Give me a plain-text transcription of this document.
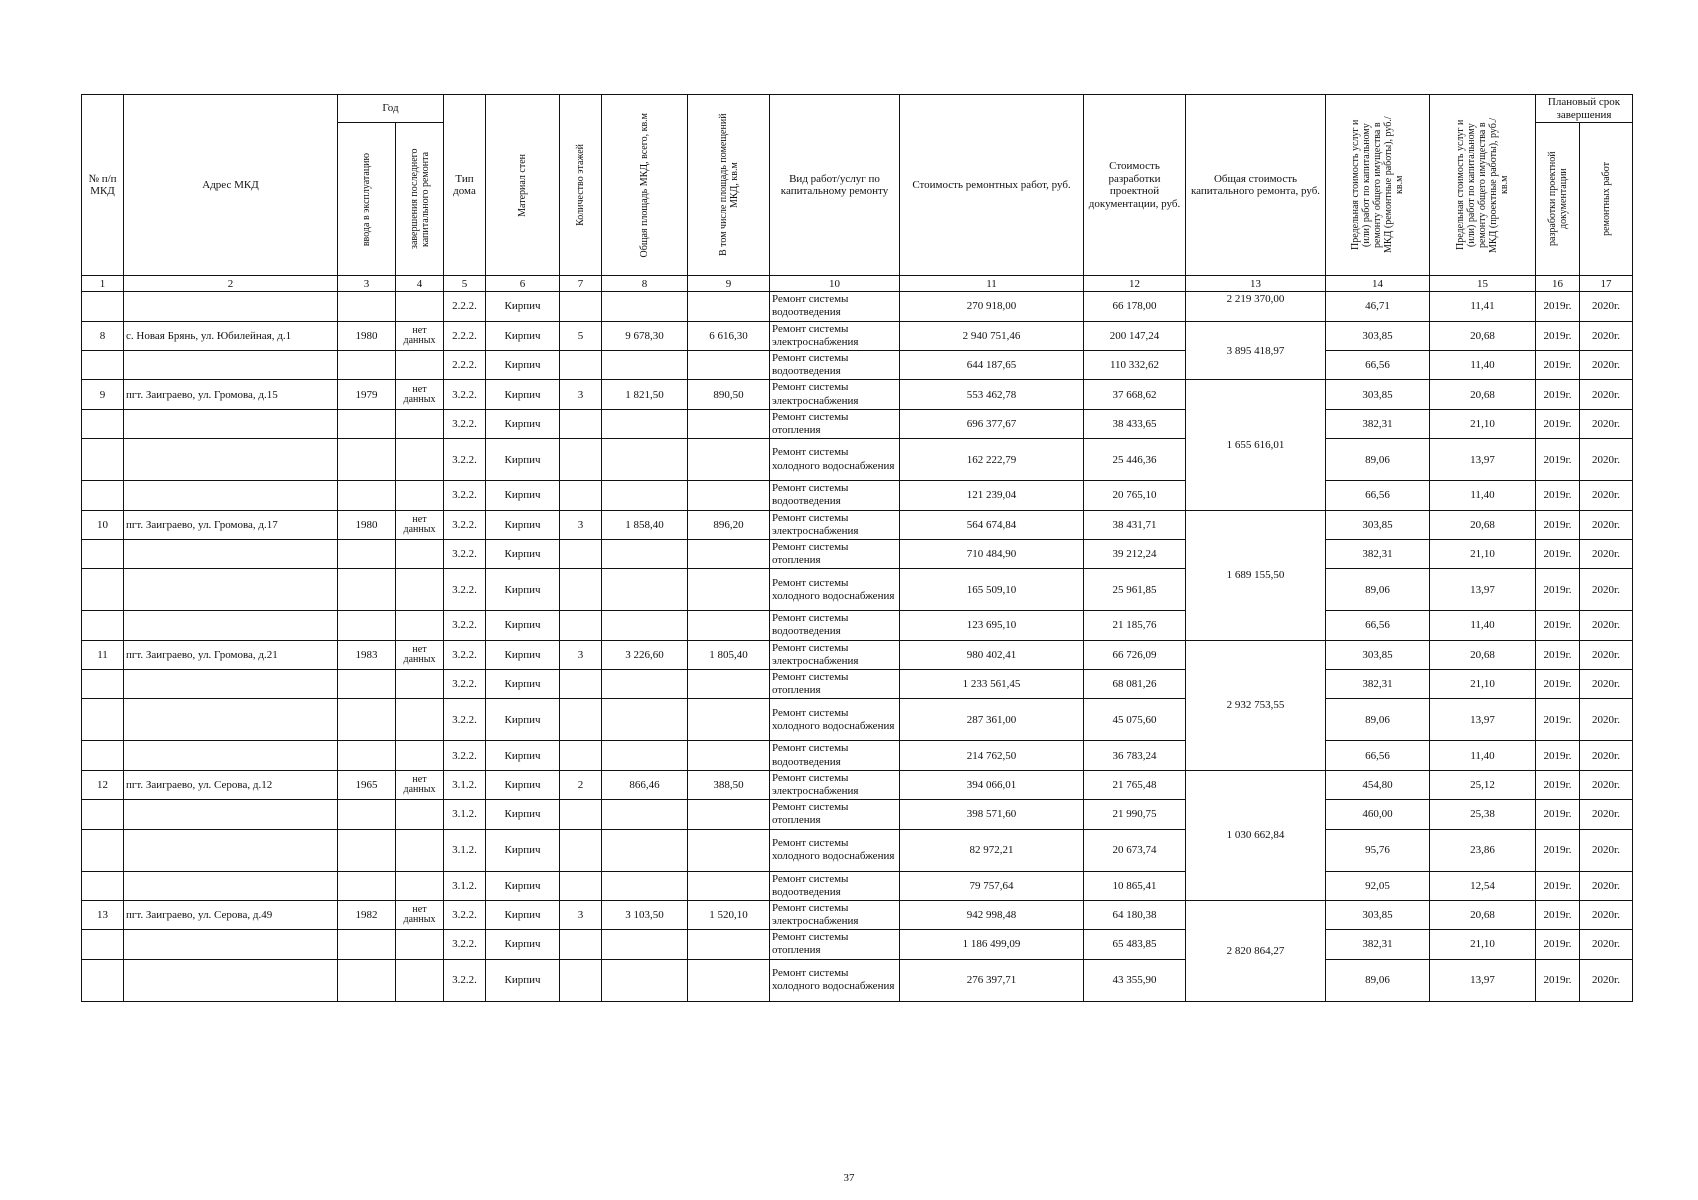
№ п/п МКД	Адрес МКД	Год		Тип дома	Материал стен	Количество этажей	Общая площадь МКД, всего, кв.м	В том числе площадь помещений МКД, кв.м	Вид работ/услуг по капитальному ремонту	Стоимость ремонтных работ, руб.	Стоимость разработки проектной документации, руб.	Общая стоимость капитального ремонта, руб.	Предельная стоимость услуг и (или) работ по капитальному ремонту общего имущества в МКД (ремонтные работы), руб./кв.м	Предельная стоимость услуг и (или) работ по капитальному ремонту общего имущества в МКД (проектные работы), руб./кв.м	Плановый срок завершения	

		ввода в эксплуатацию	завершения последнего капитального ремонта												разработки проектной документации	ремонтных работ

1	2	3	4	5	6	7	8	9	10	11	12	13	14	15	16	17
				2.2.2.	Кирпич				Ремонт системы водоотведения	270 918,00	66 178,00	2 219 370,00	46,71	11,41	2019г.	2020г.
8	с. Новая Брянь, ул. Юбилейная, д.1	1980	нет данных	2.2.2.	Кирпич	5	9 678,30	6 616,30	Ремонт системы электроснабжения	2 940 751,46	200 147,24	3 895 418,97	303,85	20,68	2019г.	2020г.
				2.2.2.	Кирпич				Ремонт системы водоотведения	644 187,65	110 332,62		66,56	11,40	2019г.	2020г.
9	пгт. Заиграево, ул. Громова, д.15	1979	нет данных	3.2.2.	Кирпич	3	1 821,50	890,50	Ремонт системы электроснабжения	553 462,78	37 668,62	1 655 616,01	303,85	20,68	2019г.	2020г.
				3.2.2.	Кирпич				Ремонт системы отопления	696 377,67	38 433,65		382,31	21,10	2019г.	2020г.
				3.2.2.	Кирпич				Ремонт системы холодного водоснабжения	162 222,79	25 446,36		89,06	13,97	2019г.	2020г.
				3.2.2.	Кирпич				Ремонт системы водоотведения	121 239,04	20 765,10		66,56	11,40	2019г.	2020г.
10	пгт. Заиграево, ул. Громова, д.17	1980	нет данных	3.2.2.	Кирпич	3	1 858,40	896,20	Ремонт системы электроснабжения	564 674,84	38 431,71	1 689 155,50	303,85	20,68	2019г.	2020г.
				3.2.2.	Кирпич				Ремонт системы отопления	710 484,90	39 212,24		382,31	21,10	2019г.	2020г.
				3.2.2.	Кирпич				Ремонт системы холодного водоснабжения	165 509,10	25 961,85		89,06	13,97	2019г.	2020г.
				3.2.2.	Кирпич				Ремонт системы водоотведения	123 695,10	21 185,76		66,56	11,40	2019г.	2020г.
11	пгт. Заиграево, ул. Громова, д.21	1983	нет данных	3.2.2.	Кирпич	3	3 226,60	1 805,40	Ремонт системы электроснабжения	980 402,41	66 726,09	2 932 753,55	303,85	20,68	2019г.	2020г.
				3.2.2.	Кирпич				Ремонт системы отопления	1 233 561,45	68 081,26		382,31	21,10	2019г.	2020г.
				3.2.2.	Кирпич				Ремонт системы холодного водоснабжения	287 361,00	45 075,60		89,06	13,97	2019г.	2020г.
				3.2.2.	Кирпич				Ремонт системы водоотведения	214 762,50	36 783,24		66,56	11,40	2019г.	2020г.
12	пгт. Заиграево, ул. Серова, д.12	1965	нет данных	3.1.2.	Кирпич	2	866,46	388,50	Ремонт системы электроснабжения	394 066,01	21 765,48	1 030 662,84	454,80	25,12	2019г.	2020г.
				3.1.2.	Кирпич				Ремонт системы отопления	398 571,60	21 990,75		460,00	25,38	2019г.	2020г.
				3.1.2.	Кирпич				Ремонт системы холодного водоснабжения	82 972,21	20 673,74		95,76	23,86	2019г.	2020г.
				3.1.2.	Кирпич				Ремонт системы водоотведения	79 757,64	10 865,41		92,05	12,54	2019г.	2020г.
13	пгт. Заиграево, ул. Серова, д.49	1982	нет данных	3.2.2.	Кирпич	3	3 103,50	1 520,10	Ремонт системы электроснабжения	942 998,48	64 180,38	2 820 864,27	303,85	20,68	2019г.	2020г.
				3.2.2.	Кирпич				Ремонт системы отопления	1 186 499,09	65 483,85		382,31	21,10	2019г.	2020г.
				3.2.2.	Кирпич				Ремонт системы холодного водоснабжения	276 397,71	43 355,90		89,06	13,97	2019г.	2020г.
37
